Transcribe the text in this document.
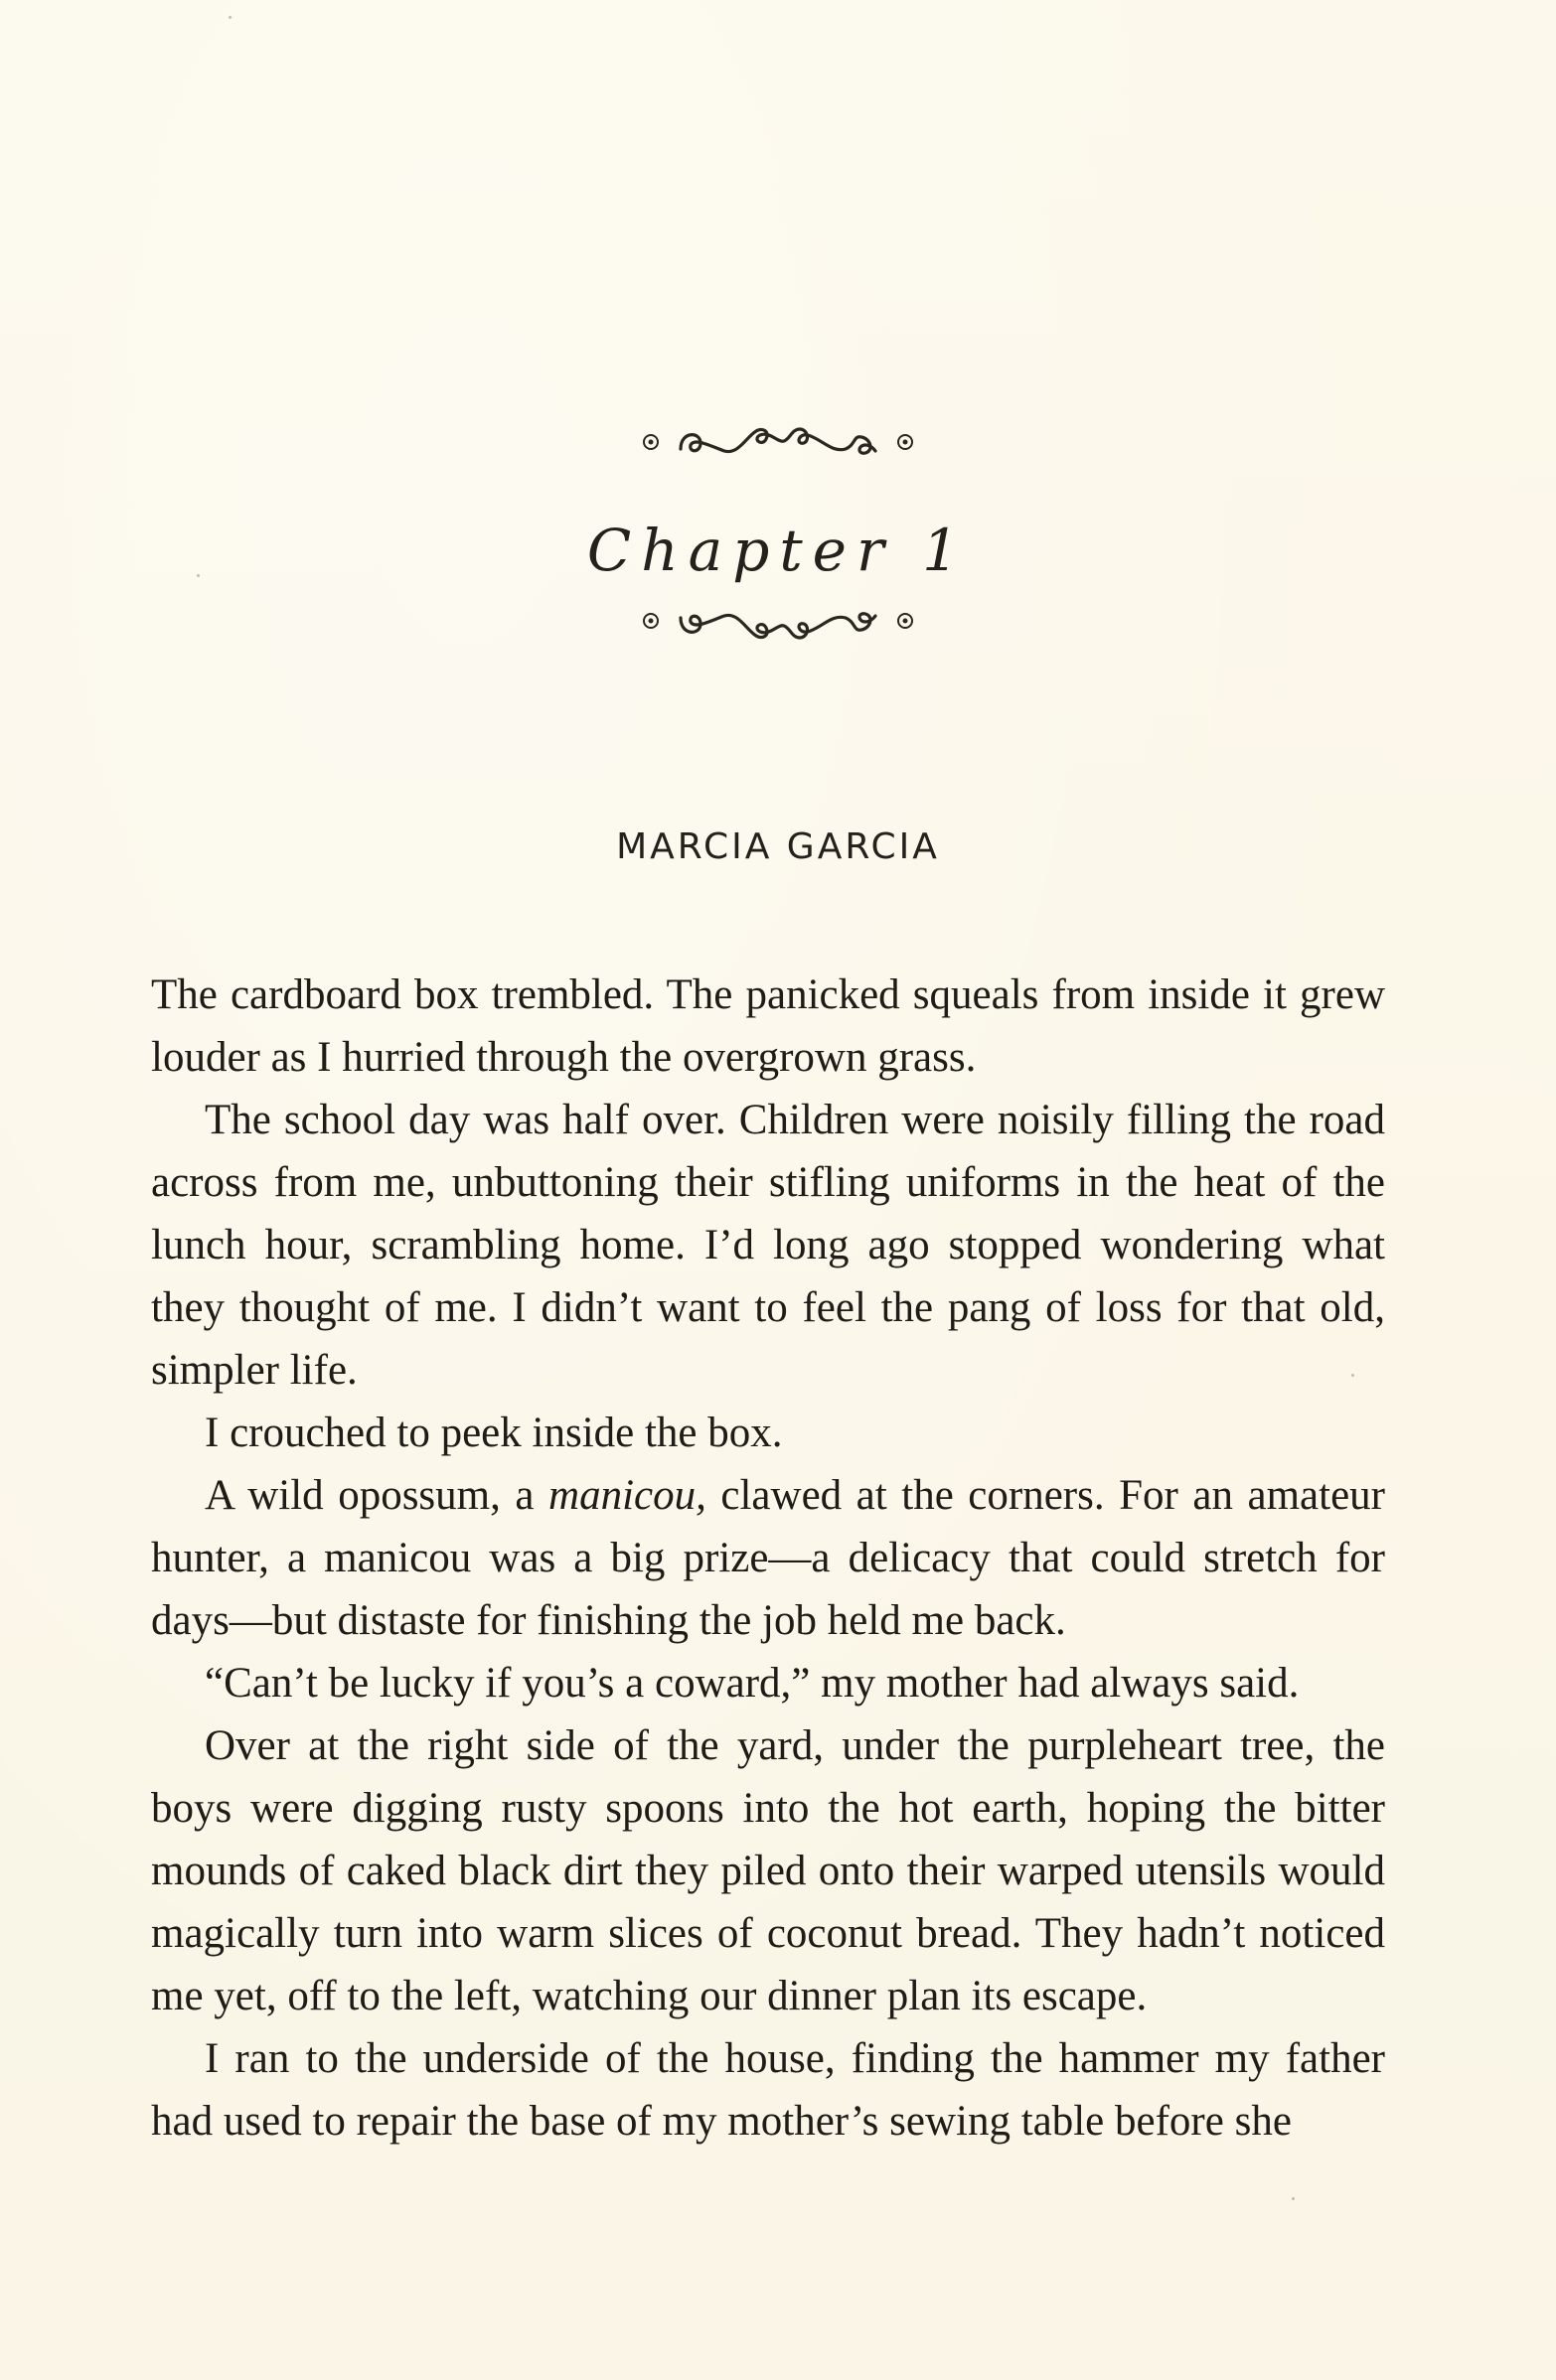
Chapter 1
MARCIA GARCIA

The cardboard box trembled. The panicked squeals from inside it grew louder as I hurried through the overgrown grass.

The school day was half over. Children were noisily filling the road across from me, unbuttoning their stifling uniforms in the heat of the lunch hour, scrambling home. I’d long ago stopped wondering what they thought of me. I didn’t want to feel the pang of loss for that old, simpler life.

I crouched to peek inside the box.

A wild opossum, a manicou, clawed at the corners. For an amateur hunter, a manicou was a big prize—a delicacy that could stretch for days—but distaste for finishing the job held me back.

“Can’t be lucky if you’s a coward,” my mother had always said.

Over at the right side of the yard, under the purpleheart tree, the boys were digging rusty spoons into the hot earth, hoping the bitter mounds of caked black dirt they piled onto their warped utensils would magically turn into warm slices of coconut bread. They hadn’t noticed me yet, off to the left, watching our dinner plan its escape.

I ran to the underside of the house, finding the hammer my father had used to repair the base of my mother’s sewing table before she
